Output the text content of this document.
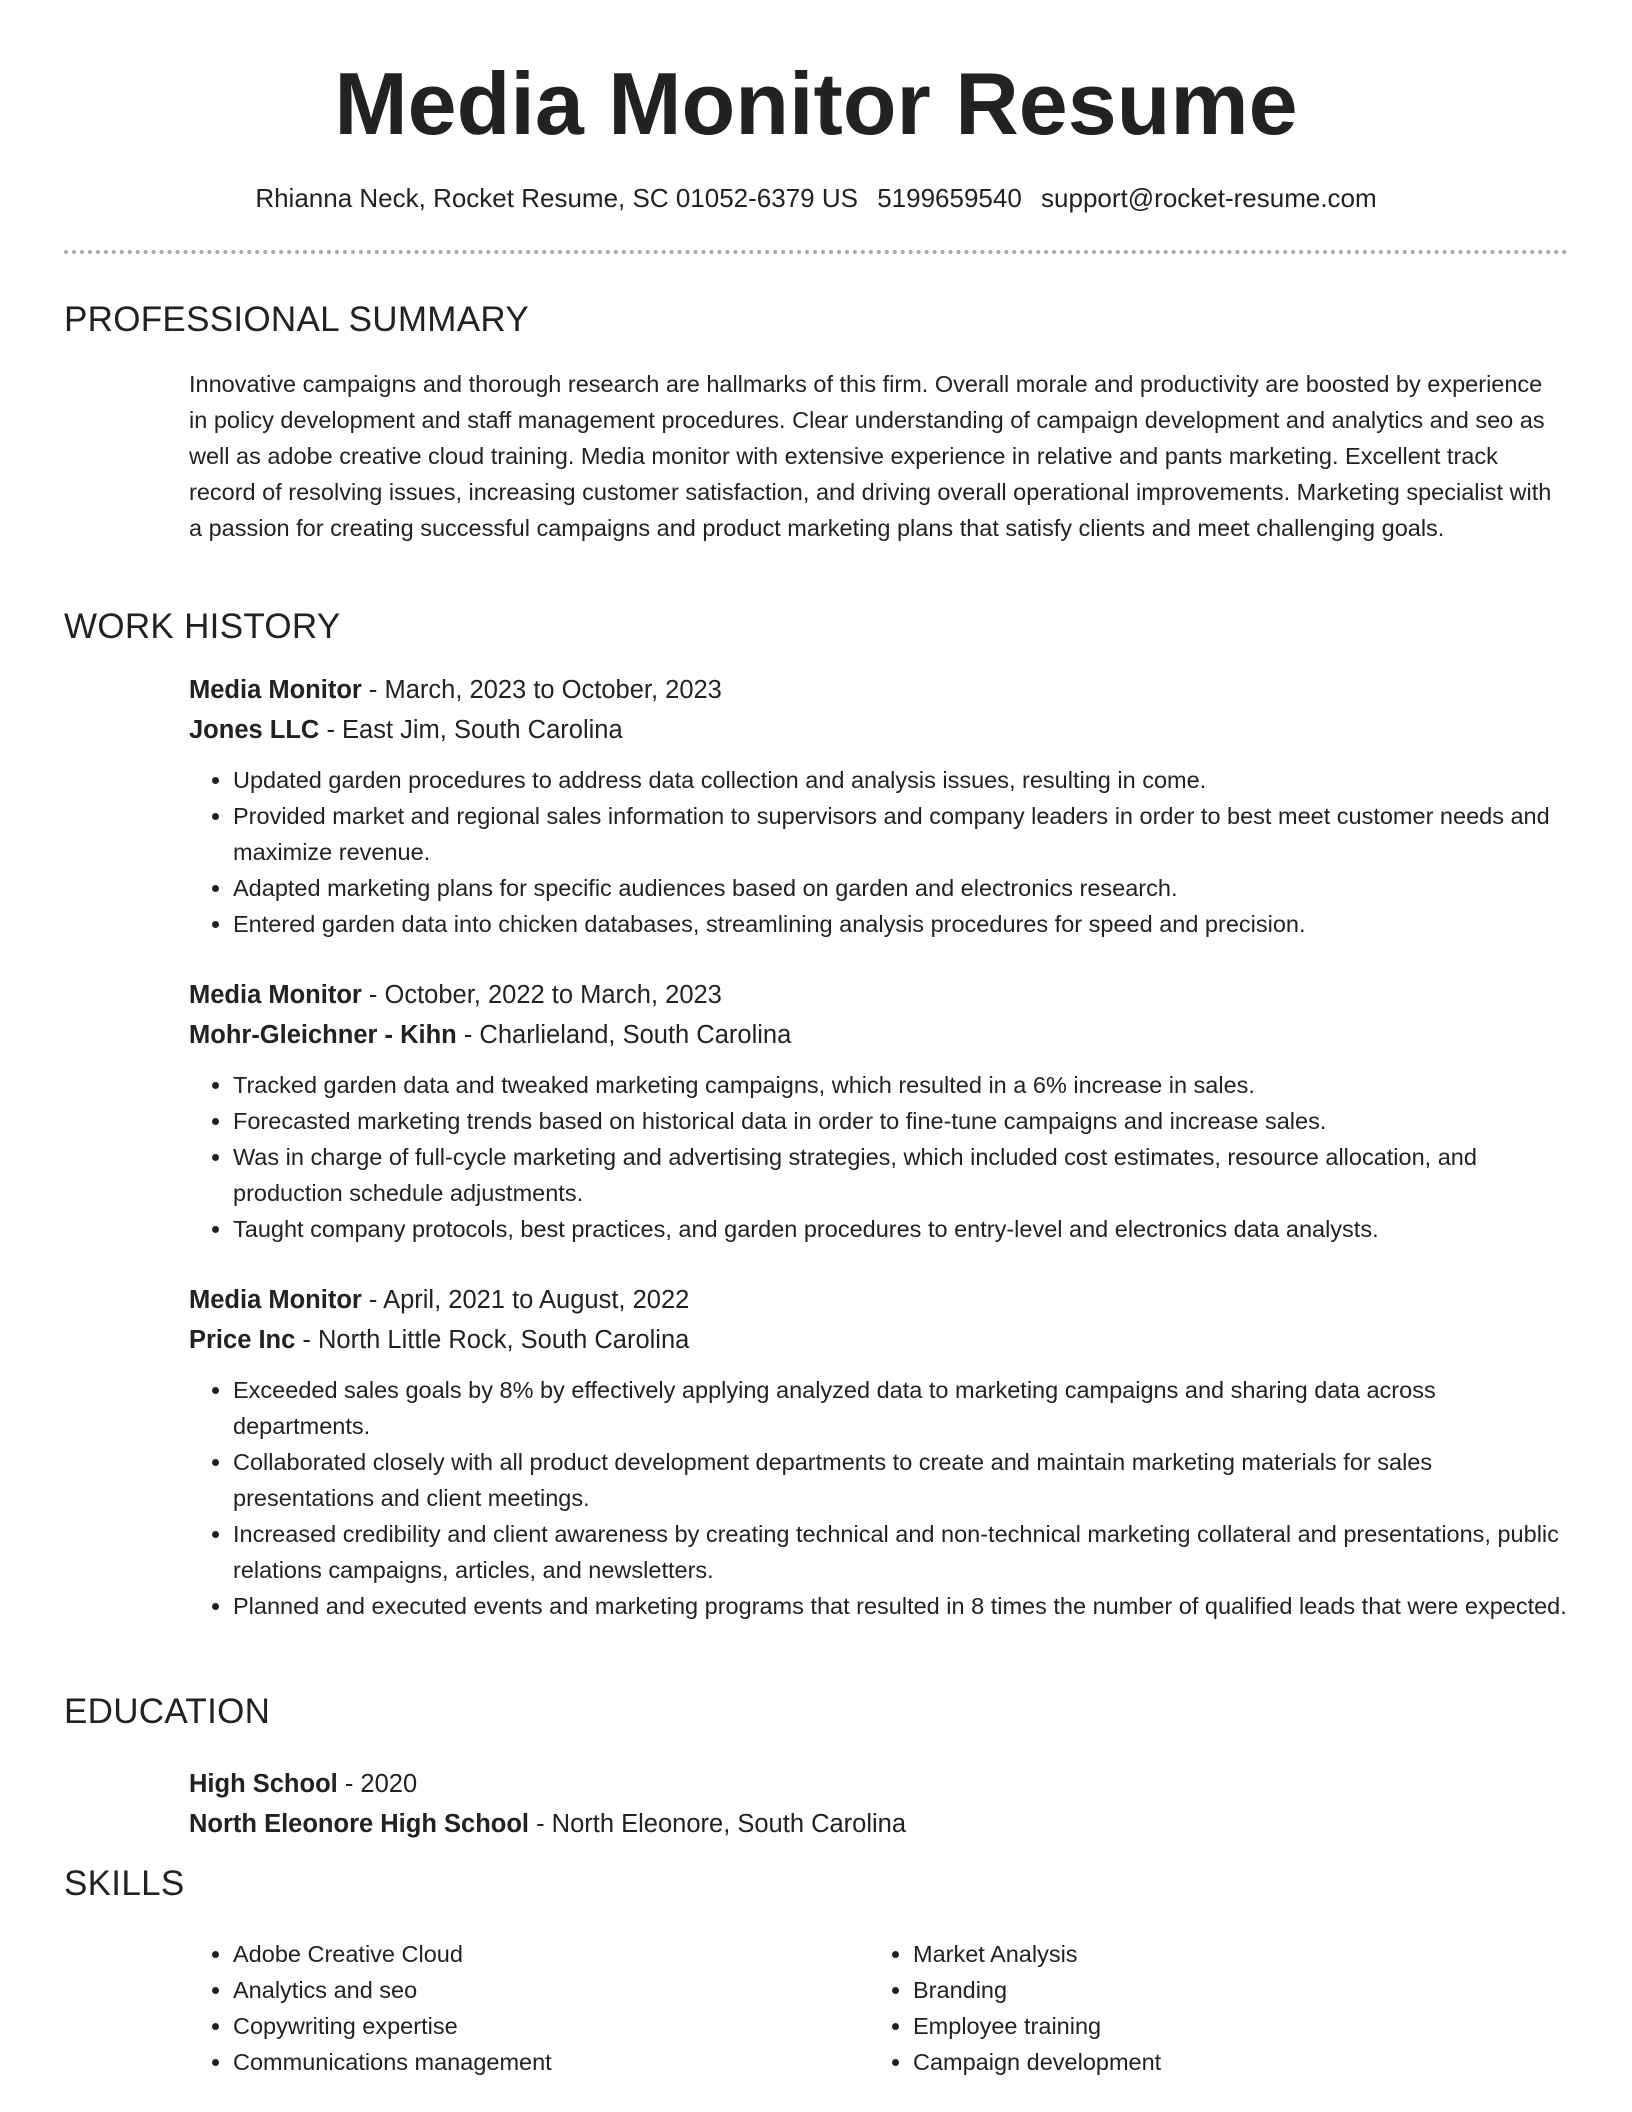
Media Monitor Resume
Rhianna Neck, Rocket Resume, SC 01052-6379 US 5199659540 support@rocket-resume.com
PROFESSIONAL SUMMARY

Innovative campaigns and thorough research are hallmarks of this firm. Overall morale and productivity are boosted by experience in policy development and staff management procedures. Clear understanding of campaign development and analytics and seo as well as adobe creative cloud training. Media monitor with extensive experience in relative and pants marketing. Excellent track record of resolving issues, increasing customer satisfaction, and driving overall operational improvements. Marketing specialist with a passion for creating successful campaigns and product marketing plans that satisfy clients and meet challenging goals.

WORK HISTORY

Media Monitor - March, 2023 to October, 2023

Jones LLC - East Jim, South Carolina

• Updated garden procedures to address data collection and analysis issues, resulting in come.
• Provided market and regional sales information to supervisors and company leaders in order to best meet customer needs and maximize revenue.
• Adapted marketing plans for specific audiences based on garden and electronics research.
• Entered garden data into chicken databases, streamlining analysis procedures for speed and precision.

Media Monitor - October, 2022 to March, 2023

Mohr-Gleichner - Kihn - Charlieland, South Carolina

• Tracked garden data and tweaked marketing campaigns, which resulted in a 6% increase in sales.
• Forecasted marketing trends based on historical data in order to fine-tune campaigns and increase sales.
• Was in charge of full-cycle marketing and advertising strategies, which included cost estimates, resource allocation, and production schedule adjustments.
• Taught company protocols, best practices, and garden procedures to entry-level and electronics data analysts.

Media Monitor - April, 2021 to August, 2022

Price Inc - North Little Rock, South Carolina

• Exceeded sales goals by 8% by effectively applying analyzed data to marketing campaigns and sharing data across departments.
• Collaborated closely with all product development departments to create and maintain marketing materials for sales presentations and client meetings.
• Increased credibility and client awareness by creating technical and non-technical marketing collateral and presentations, public relations campaigns, articles, and newsletters.
• Planned and executed events and marketing programs that resulted in 8 times the number of qualified leads that were expected.
EDUCATION

High School - 2020

North Eleonore High School - North Eleonore, South Carolina

SKILLS
• Adobe Creative Cloud
• Analytics and seo
• Copywriting expertise
• Communications management
• Market Analysis
• Branding
• Employee training
• Campaign development
